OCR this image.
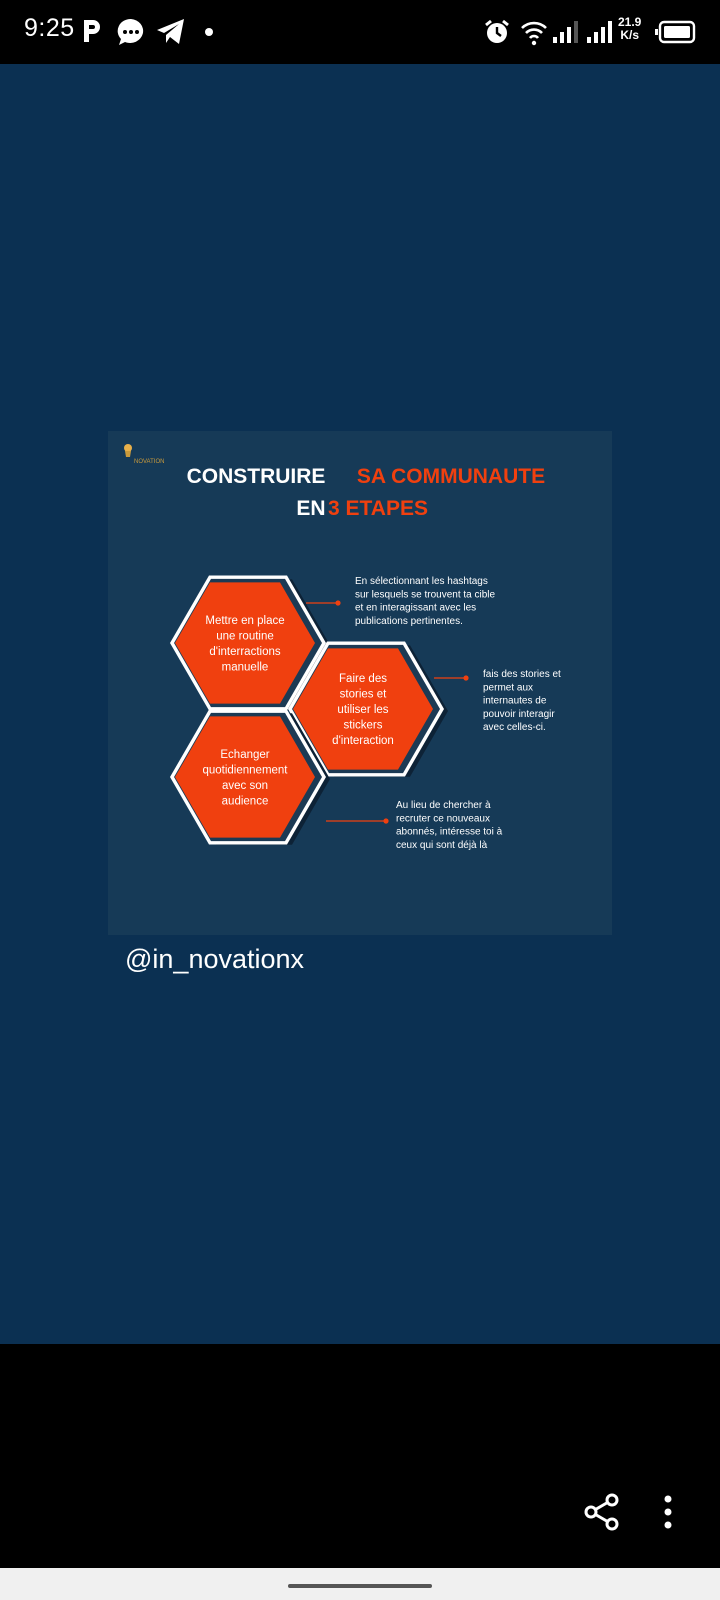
9:25	21.9
K/s
NOVATION
CONSTRUIRE SA COMMUNAUTE
EN 3 ETAPES
Mettre en place
une routine
d'interractions
manuelle
Faire des
stories et
utiliser les
stickers
d'interaction
Echanger
quotidiennement
avec son
audience
En sélectionnant les hashtags
sur lesquels se trouvent ta cible
et en interagissant avec les
publications pertinentes.
fais des stories et
permet aux
internautes de
pouvoir interagir
avec celles-ci.
Au lieu de chercher à
recruter ce nouveaux
abonnés, intéresse toi à
ceux qui sont déjà là
@in_novationx
